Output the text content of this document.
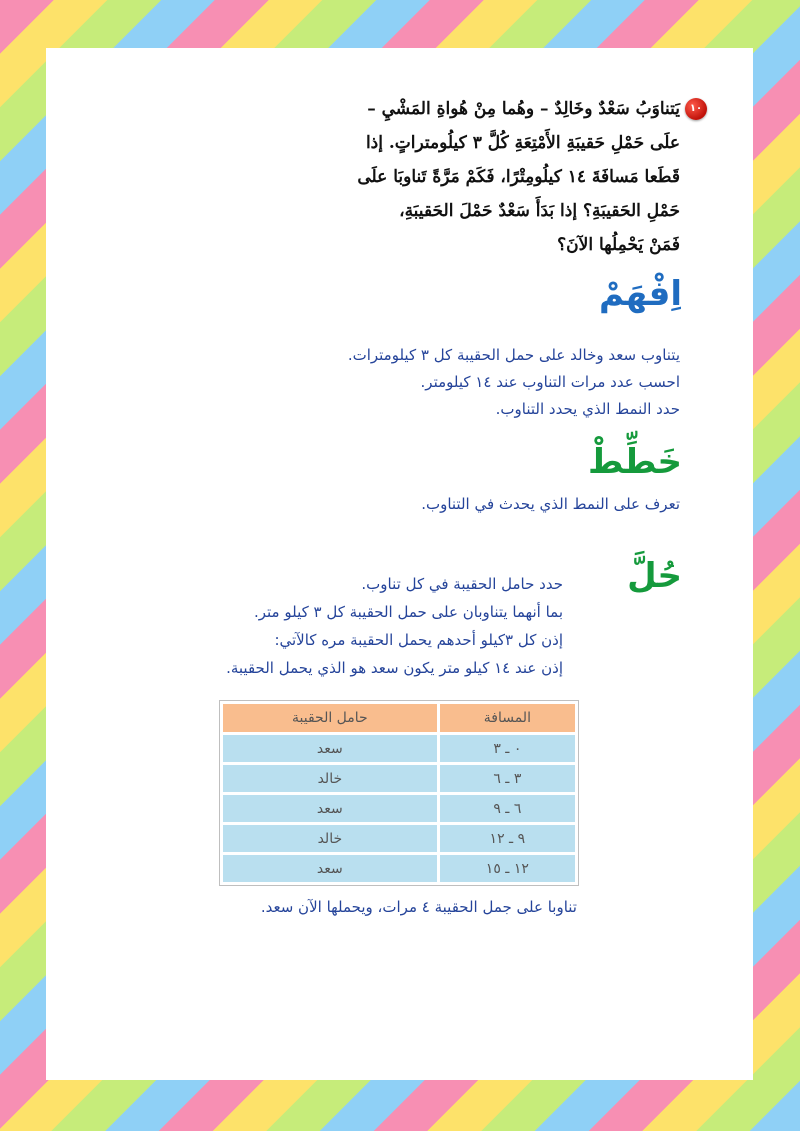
١٠

يَتناوَبُ سَعْدٌ وخَالِدٌ – وهُما مِنْ هُواةِ المَشْيِ –

علَى حَمْلِ حَقيبَةِ الأَمْتِعَةِ كُلَّ ٣ كيلُومتراتٍ. إذا

قَطَعا مَسافَةَ ١٤ كيلُومِتْرًا، فَكَمْ مَرَّةً تَناوبَا علَى

حَمْلِ الحَقيبَةِ؟ إذا بَدَأَ سَعْدٌ حَمْلَ الحَقيبَةِ،

فَمَنْ يَحْمِلُها الآنَ؟

اِفْهَمْ

يتناوب سعد وخالد على حمل الحقيبة كل ٣ كيلومترات.

احسب عدد مرات التناوب عند ١٤ كيلومتر.

حدد النمط الذي يحدد التناوب.

خَطِّطْ

تعرف على النمط الذي يحدث في التناوب.

حُلَّ

حدد حامل الحقيبة في كل تناوب.

بما أنهما يتناوبان على حمل الحقيبة كل ٣ كيلو متر.

إذن كل ٣كيلو أحدهم يحمل الحقيبة مره كالآتي:

إذن عند ١٤ كيلو متر يكون سعد هو الذي يحمل الحقيبة.

المسافة	حامل الحقيبة
٠ ـ ٣	سعد
٣ ـ ٦	خالد
٦ ـ ٩	سعد
٩ ـ ١٢	خالد
١٢ ـ ١٥	سعد
تناوبا على جمل الحقيبة ٤ مرات، ويحملها الآن سعد.
